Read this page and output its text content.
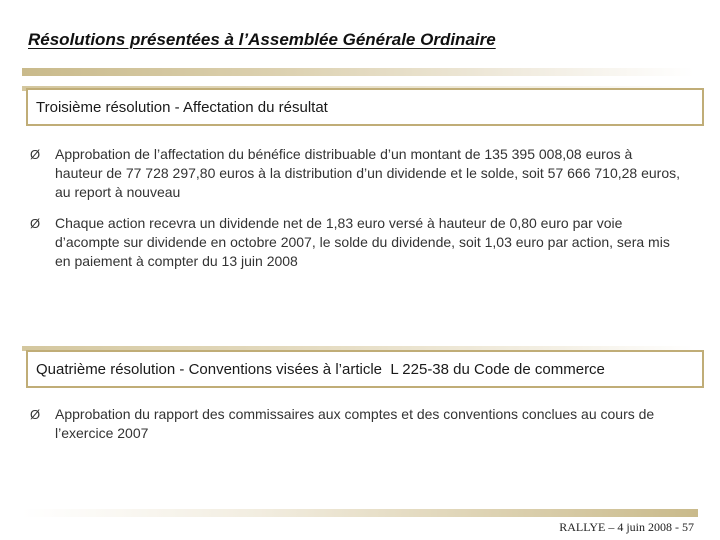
Résolutions présentées à l’Assemblée Générale Ordinaire
Troisième résolution - Affectation du résultat
Ø Approbation de l’affectation du bénéfice distribuable d’un montant de 135 395 008,08 euros à hauteur de 77 728 297,80 euros à la distribution d’un dividende et le solde, soit 57 666 710,28 euros, au report à nouveau
Ø Chaque action recevra un dividende net de 1,83 euro versé à hauteur de 0,80 euro par voie d’acompte sur dividende en octobre 2007, le solde du dividende, soit 1,03 euro par action, sera mis en paiement à compter du 13 juin 2008
Quatrième résolution - Conventions visées à l’article  L 225-38 du Code de commerce
Ø Approbation du rapport des commissaires aux comptes et des conventions conclues au cours de l’exercice 2007
RALLYE – 4 juin 2008 - 57
